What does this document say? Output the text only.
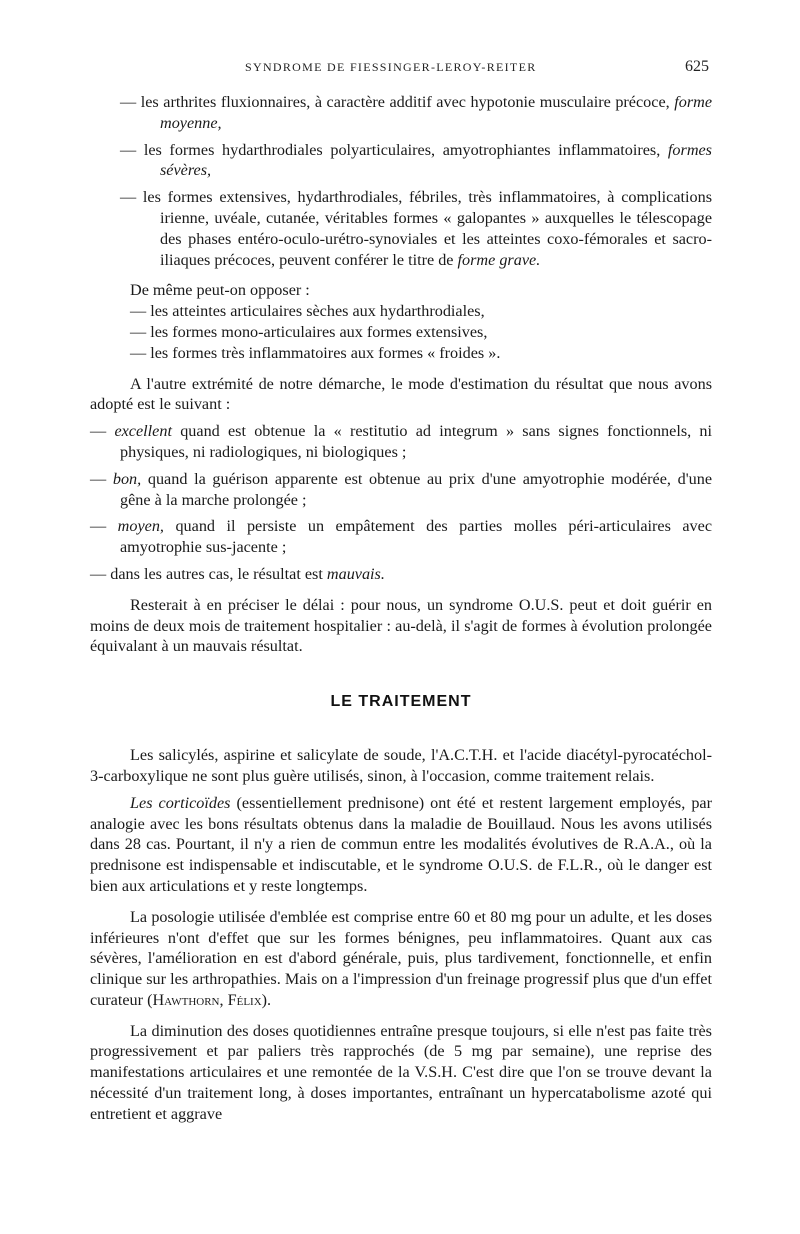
SYNDROME DE FIESSINGER-LEROY-REITER	625

— les arthrites fluxionnaires, à caractère additif avec hypotonie musculaire précoce, forme moyenne,

— les formes hydarthrodiales polyarticulaires, amyotrophiantes inflammatoires, formes sévères,

— les formes extensives, hydarthrodiales, fébriles, très inflammatoires, à complications irienne, uvéale, cutanée, véritables formes « galopantes » auxquelles le télescopage des phases entéro-oculo-urétro-synoviales et les atteintes coxo-fémorales et sacro-iliaques précoces, peuvent conférer le titre de forme grave.

De même peut-on opposer :

— les atteintes articulaires sèches aux hydarthrodiales,

— les formes mono-articulaires aux formes extensives,

— les formes très inflammatoires aux formes « froides ».

A l'autre extrémité de notre démarche, le mode d'estimation du résultat que nous avons adopté est le suivant :

— excellent quand est obtenue la « restitutio ad integrum » sans signes fonctionnels, ni physiques, ni radiologiques, ni biologiques ;

— bon, quand la guérison apparente est obtenue au prix d'une amyotrophie modérée, d'une gêne à la marche prolongée ;

— moyen, quand il persiste un empâtement des parties molles péri-articulaires avec amyotrophie sus-jacente ;

— dans les autres cas, le résultat est mauvais.

Resterait à en préciser le délai : pour nous, un syndrome O.U.S. peut et doit guérir en moins de deux mois de traitement hospitalier : au-delà, il s'agit de formes à évolution prolongée équivalant à un mauvais résultat.

LE TRAITEMENT

Les salicylés, aspirine et salicylate de soude, l'A.C.T.H. et l'acide diacétyl-pyrocatéchol-3-carboxylique ne sont plus guère utilisés, sinon, à l'occasion, comme traitement relais.

Les corticoïdes (essentiellement prednisone) ont été et restent largement employés, par analogie avec les bons résultats obtenus dans la maladie de Bouillaud. Nous les avons utilisés dans 28 cas. Pourtant, il n'y a rien de commun entre les modalités évolutives de R.A.A., où la prednisone est indispensable et indiscutable, et le syndrome O.U.S. de F.L.R., où le danger est bien aux articulations et y reste longtemps.

La posologie utilisée d'emblée est comprise entre 60 et 80 mg pour un adulte, et les doses inférieures n'ont d'effet que sur les formes bénignes, peu inflammatoires. Quant aux cas sévères, l'amélioration en est d'abord générale, puis, plus tardivement, fonctionnelle, et enfin clinique sur les arthropathies. Mais on a l'impression d'un freinage progressif plus que d'un effet curateur (Hawthorn, Félix).

La diminution des doses quotidiennes entraîne presque toujours, si elle n'est pas faite très progressivement et par paliers très rapprochés (de 5 mg par semaine), une reprise des manifestations articulaires et une remontée de la V.S.H. C'est dire que l'on se trouve devant la nécessité d'un traitement long, à doses importantes, entraînant un hypercatabolisme azoté qui entretient et aggrave
